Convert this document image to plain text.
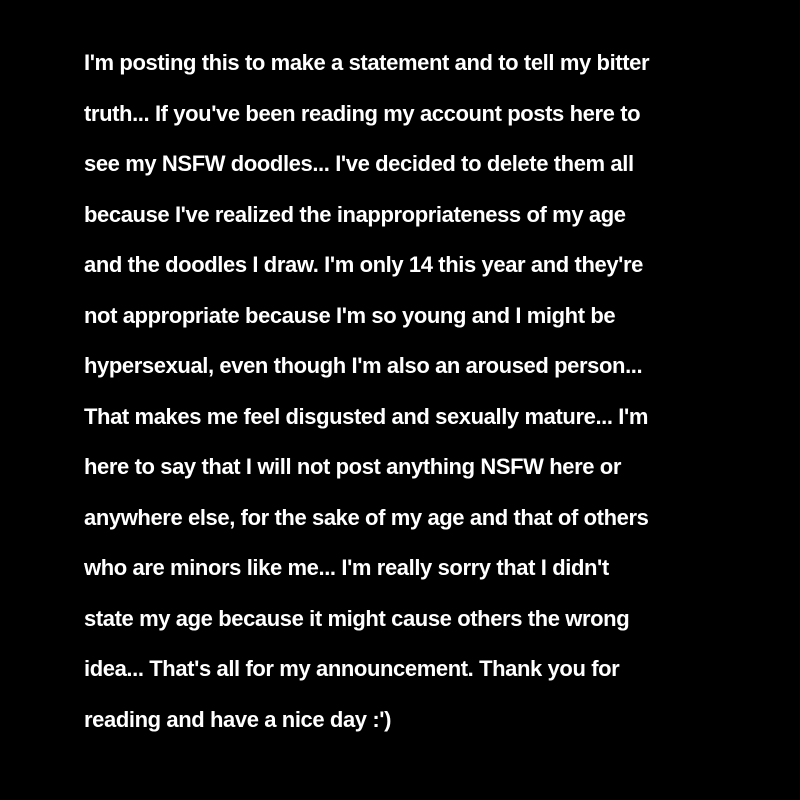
I'm posting this to make a statement and to tell my bitter
truth... If you've been reading my account posts here to
see my NSFW doodles... I've decided to delete them all
because I've realized the inappropriateness of my age
and the doodles I draw. I'm only 14 this year and they're
not appropriate because I'm so young and I might be
hypersexual, even though I'm also an aroused person...
That makes me feel disgusted and sexually mature... I'm
here to say that I will not post anything NSFW here or
anywhere else, for the sake of my age and that of others
who are minors like me... I'm really sorry that I didn't
state my age because it might cause others the wrong
idea... That's all for my announcement. Thank you for
reading and have a nice day :')
